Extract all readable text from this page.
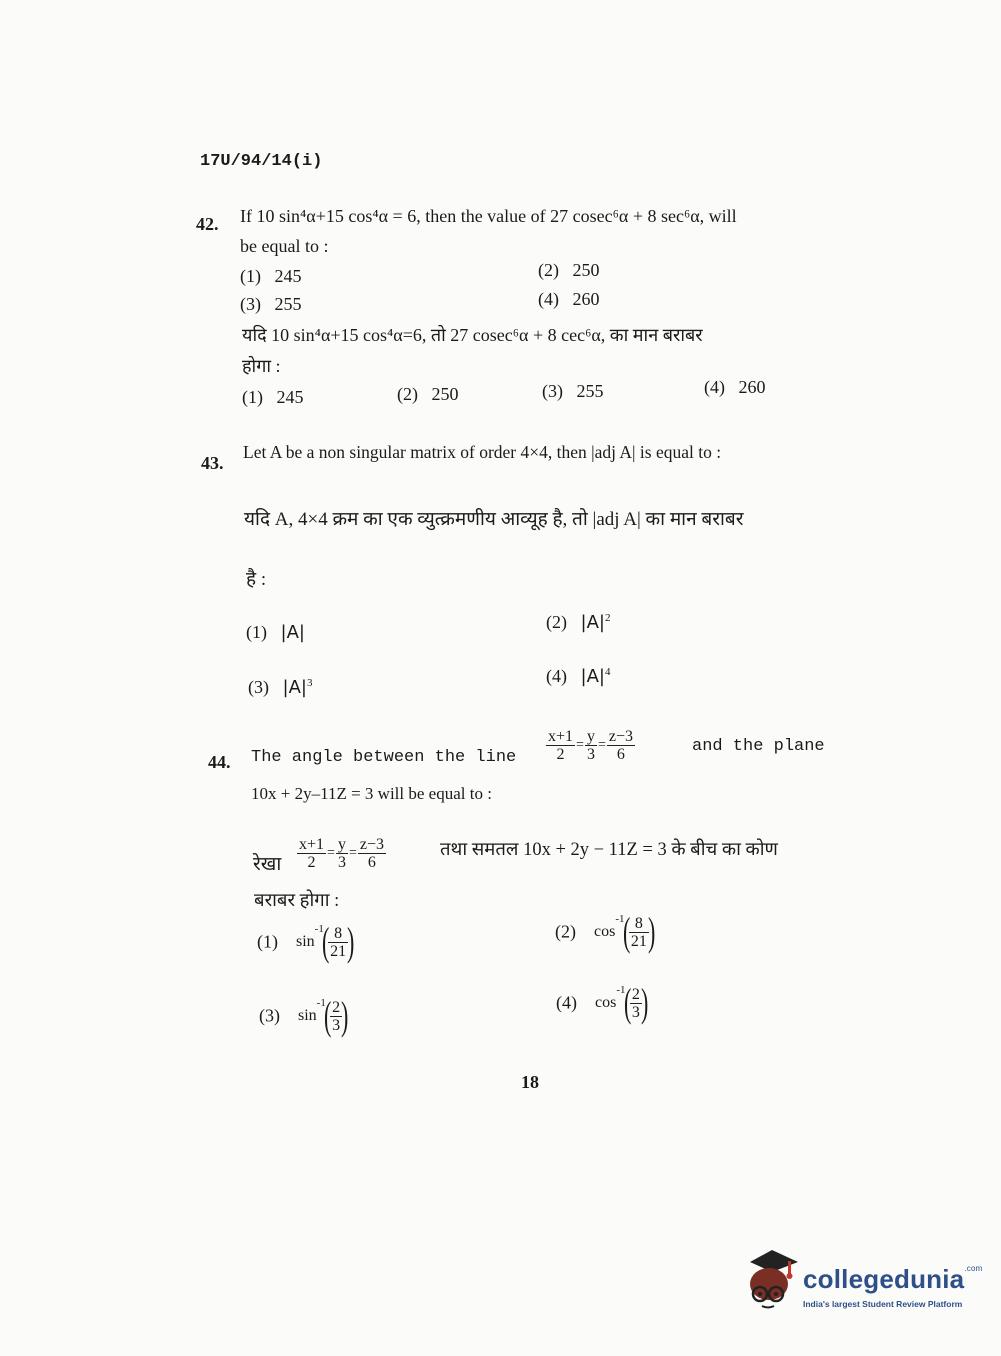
17U/94/14(i)
42. If 10 sin⁴α+15 cos⁴α = 6, then the value of 27 cosec⁶α + 8 sec⁶α, will
be equal to :
(1) 245	(2) 250
(3) 255	(4) 260
यदि 10 sin⁴α+15 cos⁴α=6, तो 27 cosec⁶α + 8 cec⁶α, का मान बराबर
होगा :
(1) 245	(2) 250	(3) 255	(4) 260
43.
Let A be a non singular matrix of order 4×4, then |adj A| is equal to :
यदि A, 4×4 क्रम का एक व्युत्क्रमणीय आव्यूह है, तो |adj A| का मान बराबर
है :
(1) |A|	(2) $|A|^2$
(3) $|A|^3$	(4) $|A|^4$
44. The angle between the line $\frac{x+1}{2} = \frac{y}{3} = \frac{z-3}{6}$	and the plane
10x + 2y–11Z = 3 will be equal to :
रेखा $\frac{x+1}{2} = \frac{y}{3} = \frac{z-3}{6}$	तथा समतल 10x + 2y − 11Z = 3 के बीच का कोण
बराबर होगा :
(1) $\sin^{-1}$(
$\frac{8}{21}$
)	(2) $\cos^{-1}$(
$\frac{8}{21}$
)
(3) $\sin^{-1}$(
$\frac{2}{3}$
)	(4) $\cos^{-1}$(
$\frac{2}{3}$
)
18
collegedunia$^{.com}$
India's largest Student Review Platform
